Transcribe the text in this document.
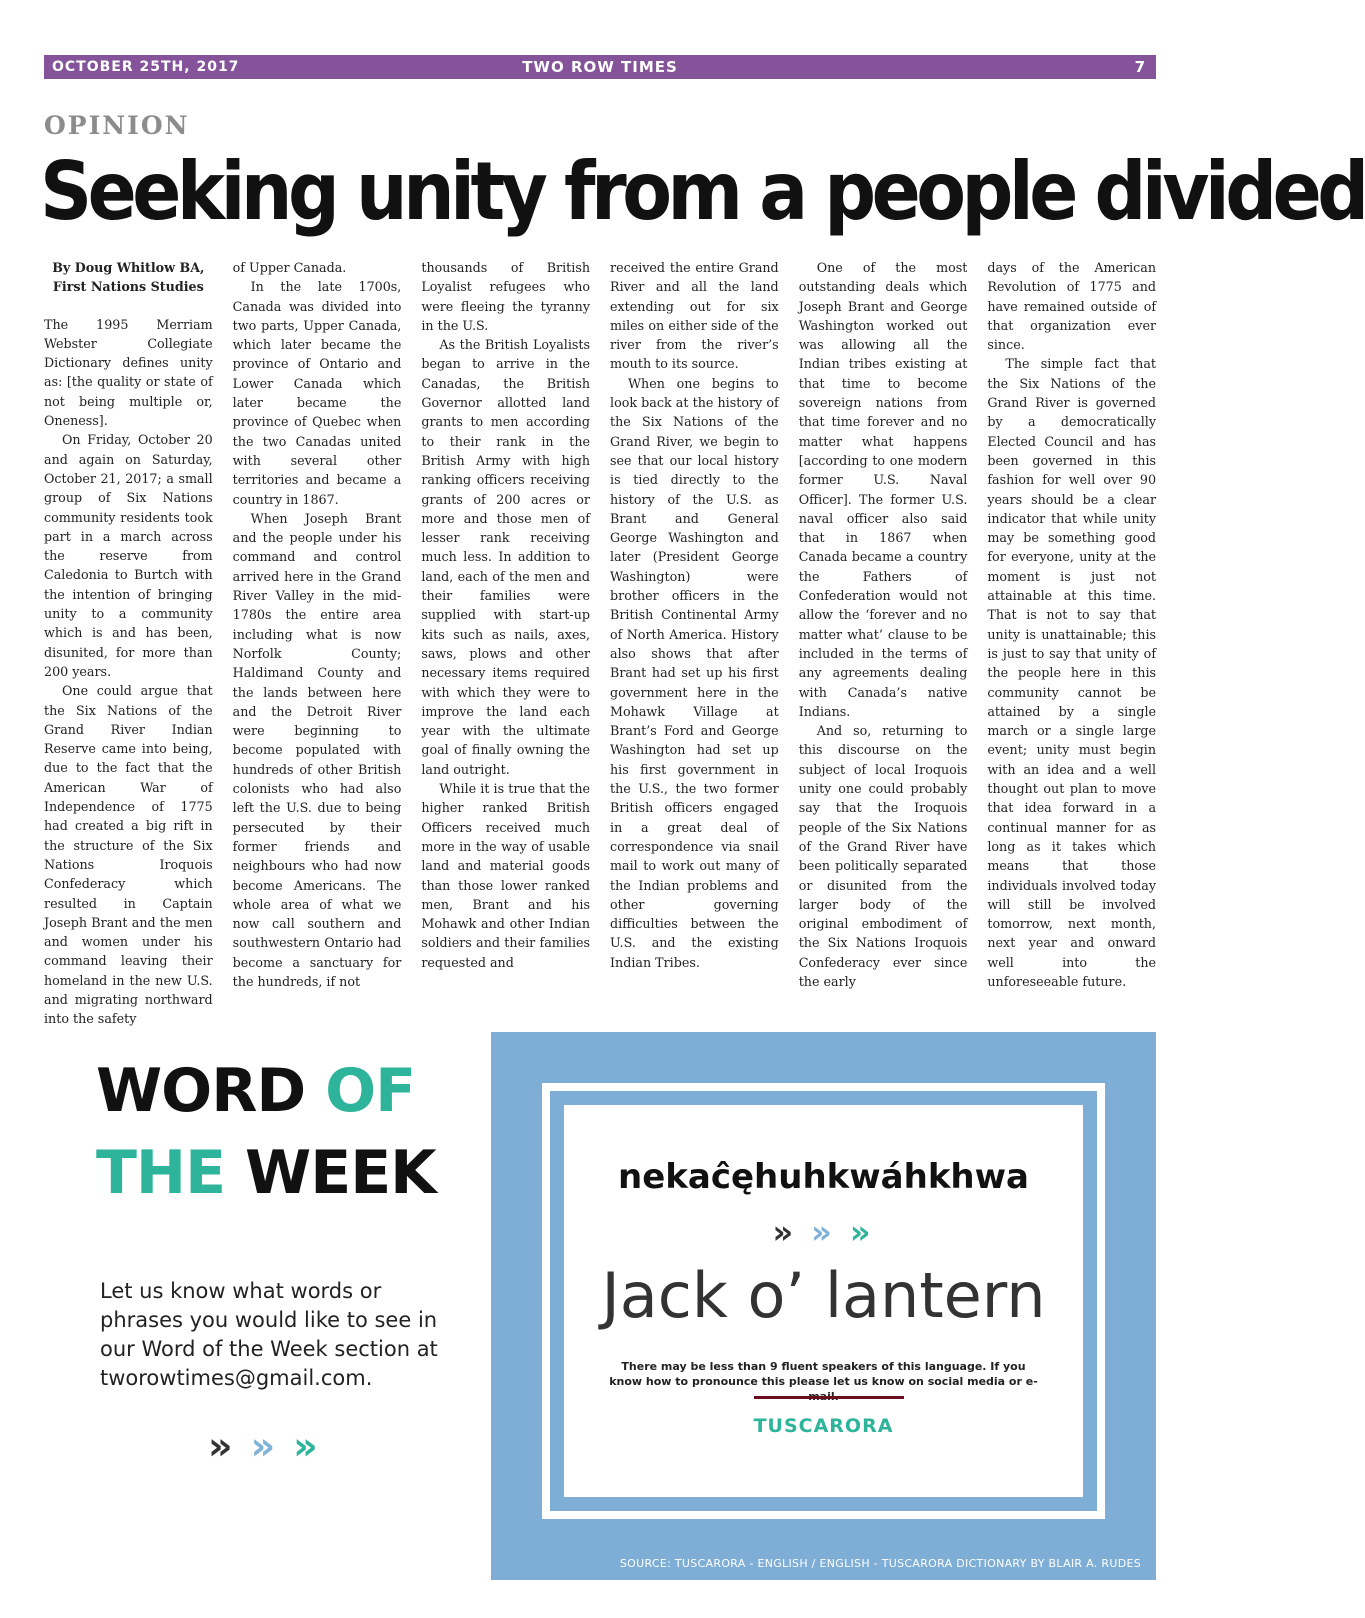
OCTOBER 25TH, 2017	TWO ROW TIMES	7
OPINION
Seeking unity from a people divided
By Doug Whitlow BA,
First Nations Studies

The 1995 Merriam Webster Collegiate Dictionary defines unity as: [the quality or state of not being multiple or, Oneness].

On Friday, October 20 and again on Saturday, October 21, 2017; a small group of Six Nations community residents took part in a march across the reserve from Caledonia to Burtch with the intention of bringing unity to a community which is and has been, disunited, for more than 200 years.

One could argue that the Six Nations of the Grand River Indian Reserve came into being, due to the fact that the American War of Independence of 1775 had created a big rift in the structure of the Six Nations Iroquois Confederacy which resulted in Captain Joseph Brant and the men and women under his command leaving their homeland in the new U.S. and migrating northward into the safety

of Upper Canada.

In the late 1700s, Canada was divided into two parts, Upper Canada, which later became the province of Ontario and Lower Canada which later became the province of Quebec when the two Canadas united with several other territories and became a country in 1867.

When Joseph Brant and the people under his command and control arrived here in the Grand River Valley in the mid-1780s the entire area including what is now Norfolk County; Haldimand County and the lands between here and the Detroit River were beginning to become populated with hundreds of other British colonists who had also left the U.S. due to being persecuted by their former friends and neighbours who had now become Americans. The whole area of what we now call southern and southwestern Ontario had become a sanctuary for the hundreds, if not

thousands of British Loyalist refugees who were fleeing the tyranny in the U.S.

As the British Loyalists began to arrive in the Canadas, the British Governor allotted land grants to men according to their rank in the British Army with high ranking officers receiving grants of 200 acres or more and those men of lesser rank receiving much less. In addition to land, each of the men and their families were supplied with start-up kits such as nails, axes, saws, plows and other necessary items required with which they were to improve the land each year with the ultimate goal of finally owning the land outright.

While it is true that the higher ranked British Officers received much more in the way of usable land and material goods than those lower ranked men, Brant and his Mohawk and other Indian soldiers and their families requested and

received the entire Grand River and all the land extending out for six miles on either side of the river from the river’s mouth to its source.

When one begins to look back at the history of the Six Nations of the Grand River, we begin to see that our local history is tied directly to the history of the U.S. as Brant and General George Washington and later (President George Washington) were brother officers in the British Continental Army of North America. History also shows that after Brant had set up his first government here in the Mohawk Village at Brant’s Ford and George Washington had set up his first government in the U.S., the two former British officers engaged in a great deal of correspondence via snail mail to work out many of the Indian problems and other governing difficulties between the U.S. and the existing Indian Tribes.

One of the most outstanding deals which Joseph Brant and George Washington worked out was allowing all the Indian tribes existing at that time to become sovereign nations from that time forever and no matter what happens [according to one modern former U.S. Naval Officer]. The former U.S. naval officer also said that in 1867 when Canada became a country the Fathers of Confederation would not allow the ‘forever and no matter what’ clause to be included in the terms of any agreements dealing with Canada’s native Indians.

And so, returning to this discourse on the subject of local Iroquois unity one could probably say that the Iroquois people of the Six Nations of the Grand River have been politically separated or disunited from the larger body of the original embodiment of the Six Nations Iroquois Confederacy ever since the early

days of the American Revolution of 1775 and have remained outside of that organization ever since.

The simple fact that the Six Nations of the Grand River is governed by a democratically Elected Council and has been governed in this fashion for well over 90 years should be a clear indicator that while unity may be something good for everyone, unity at the moment is just not attainable at this time. That is not to say that unity is unattainable; this is just to say that unity of the people here in this community cannot be attained by a single march or a single large event; unity must begin with an idea and a well thought out plan to move that idea forward in a continual manner for as long as it takes which means that those individuals involved today will still be involved tomorrow, next month, next year and onward well into the unforeseeable future.

WORD OF
THE WEEK
Let us know what words or phrases you would like to see in our Word of the Week section at tworowtimes@gmail.com.
»»»
nekaĉęhuhkwáhkhwa
»»»
Jack o’ lantern
There may be less than 9 fluent speakers of this language. If you know how to pronounce this please let us know on social media or e-
TUSCARORA
SOURCE: TUSCARORA - ENGLISH / ENGLISH - TUSCARORA DICTIONARY BY BLAIR A. RUDES
